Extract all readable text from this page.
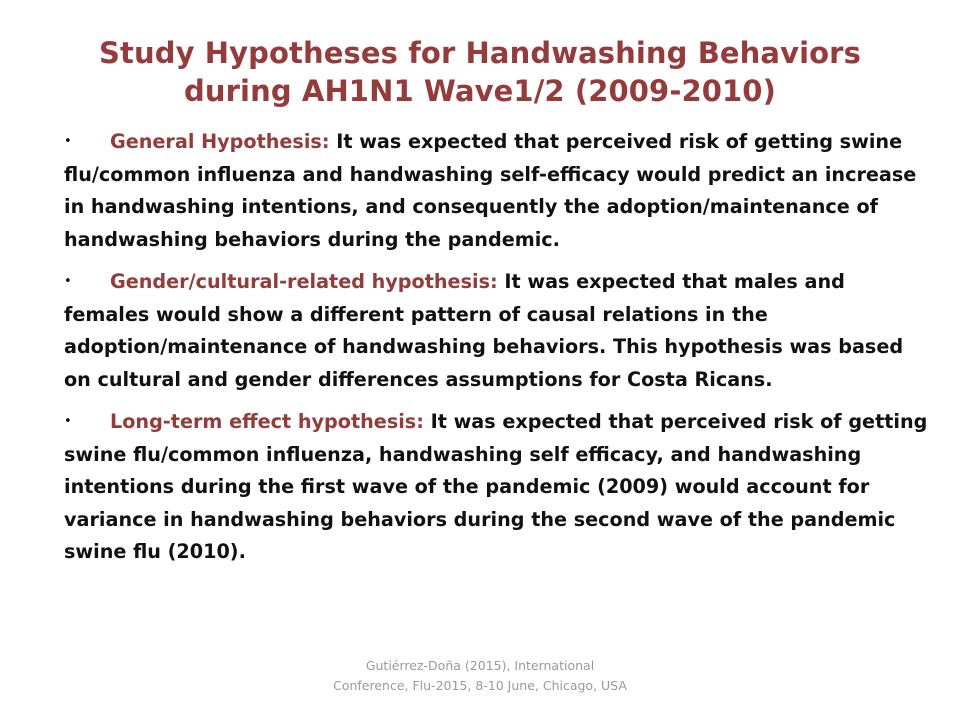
Study Hypotheses for Handwashing Behaviors
during AH1N1 Wave1/2 (2009-2010)
• General Hypothesis: It was expected that perceived risk of getting swine flu/common influenza and handwashing self-efficacy would predict an increase in handwashing intentions, and consequently the adoption/maintenance of handwashing behaviors during the pandemic.
• Gender/cultural-related hypothesis: It was expected that males and females would show a different pattern of causal relations in the adoption/maintenance of handwashing behaviors. This hypothesis was based on cultural and gender differences assumptions for Costa Ricans.
• Long-term effect hypothesis: It was expected that perceived risk of getting swine flu/common influenza, handwashing self efficacy, and handwashing intentions during the first wave of the pandemic (2009) would account for variance in handwashing behaviors during the second wave of the pandemic swine flu (2010).
Gutiérrez-Doña (2015), International Conference, Flu-2015, 8-10 June, Chicago, USA
